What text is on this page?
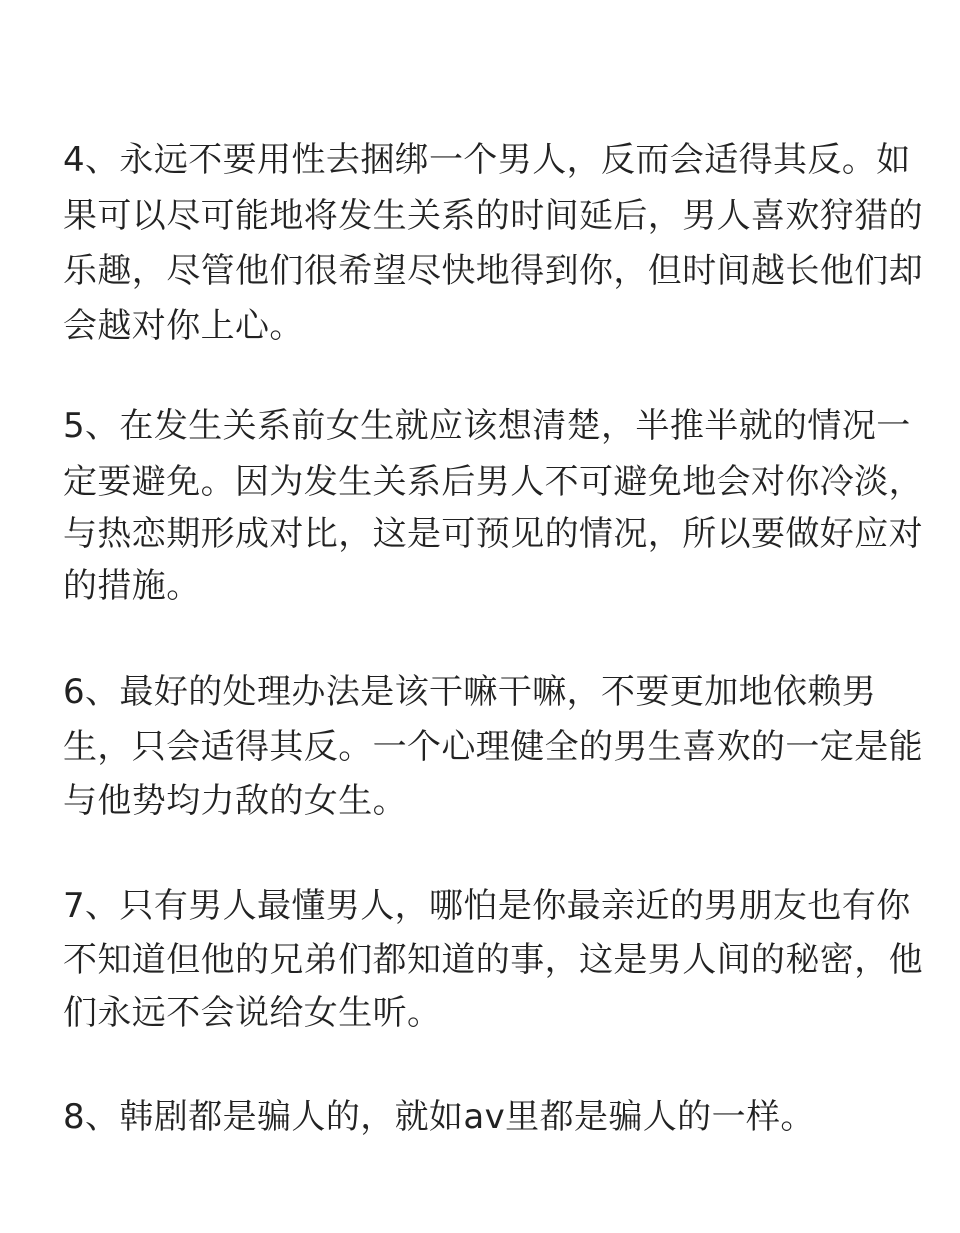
4、永远不要用性去捆绑一个男人，反而会适得其反。如
果可以尽可能地将发生关系的时间延后，男人喜欢狩猎的
乐趣，尽管他们很希望尽快地得到你，但时间越长他们却
会越对你上心。
5、在发生关系前女生就应该想清楚，半推半就的情况一
定要避免。因为发生关系后男人不可避免地会对你冷淡，
与热恋期形成对比，这是可预见的情况，所以要做好应对
的措施。
6、最好的处理办法是该干嘛干嘛，不要更加地依赖男
生，只会适得其反。一个心理健全的男生喜欢的一定是能
与他势均力敌的女生。
7、只有男人最懂男人，哪怕是你最亲近的男朋友也有你
不知道但他的兄弟们都知道的事，这是男人间的秘密，他
们永远不会说给女生听。
8、韩剧都是骗人的，就如av里都是骗人的一样。
